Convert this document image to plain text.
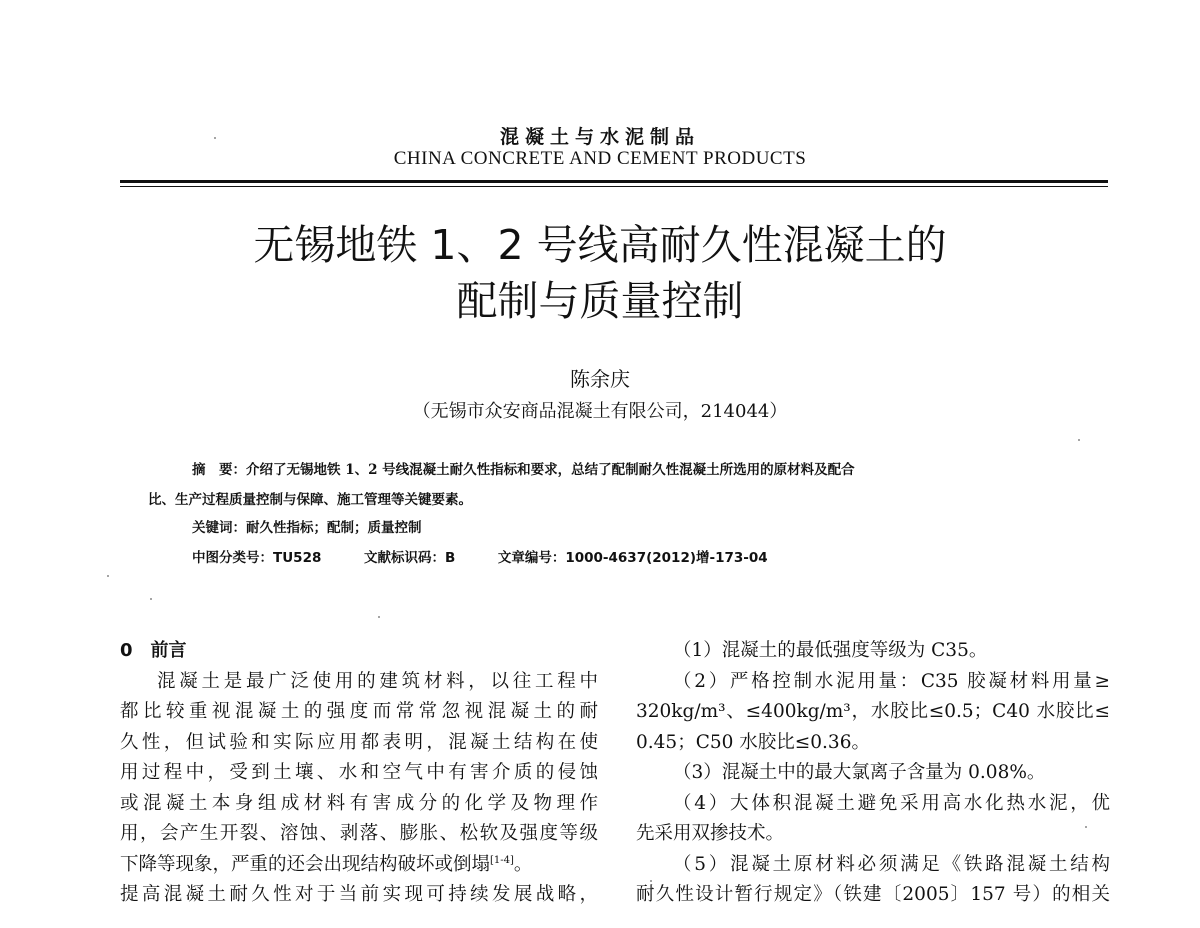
混凝土与水泥制品
CHINA CONCRETE AND CEMENT PRODUCTS
无锡地铁 1、2 号线高耐久性混凝土的
配制与质量控制
陈余庆
（无锡市众安商品混凝土有限公司，214044）
摘　要：介绍了无锡地铁 1、2 号线混凝土耐久性指标和要求，总结了配制耐久性混凝土所选用的原材料及配合
比、生产过程质量控制与保障、施工管理等关键要素。
关键词：耐久性指标；配制；质量控制
中图分类号：TU528	文献标识码：B	文章编号：1000-4637(2012)增-173-04

0　前言

混凝土是最广泛使用的建筑材料，以往工程中

都比较重视混凝土的强度而常常忽视混凝土的耐

久性，但试验和实际应用都表明，混凝土结构在使

用过程中，受到土壤、水和空气中有害介质的侵蚀

或混凝土本身组成材料有害成分的化学及物理作

用，会产生开裂、溶蚀、剥落、膨胀、松软及强度等级

下降等现象，严重的还会出现结构破坏或倒塌[1-4]。

提高混凝土耐久性对于当前实现可持续发展战略，

（1）混凝土的最低强度等级为 C35。

（2）严格控制水泥用量：C35 胶凝材料用量≥

320kg/m³、≤400kg/m³，水胶比≤0.5；C40 水胶比≤

0.45；C50 水胶比≤0.36。

（3）混凝土中的最大氯离子含量为 0.08%。

（4）大体积混凝土避免采用高水化热水泥，优

先采用双掺技术。

（5）混凝土原材料必须满足《铁路混凝土结构

耐久性设计暂行规定》（铁建〔2005〕157 号）的相关
